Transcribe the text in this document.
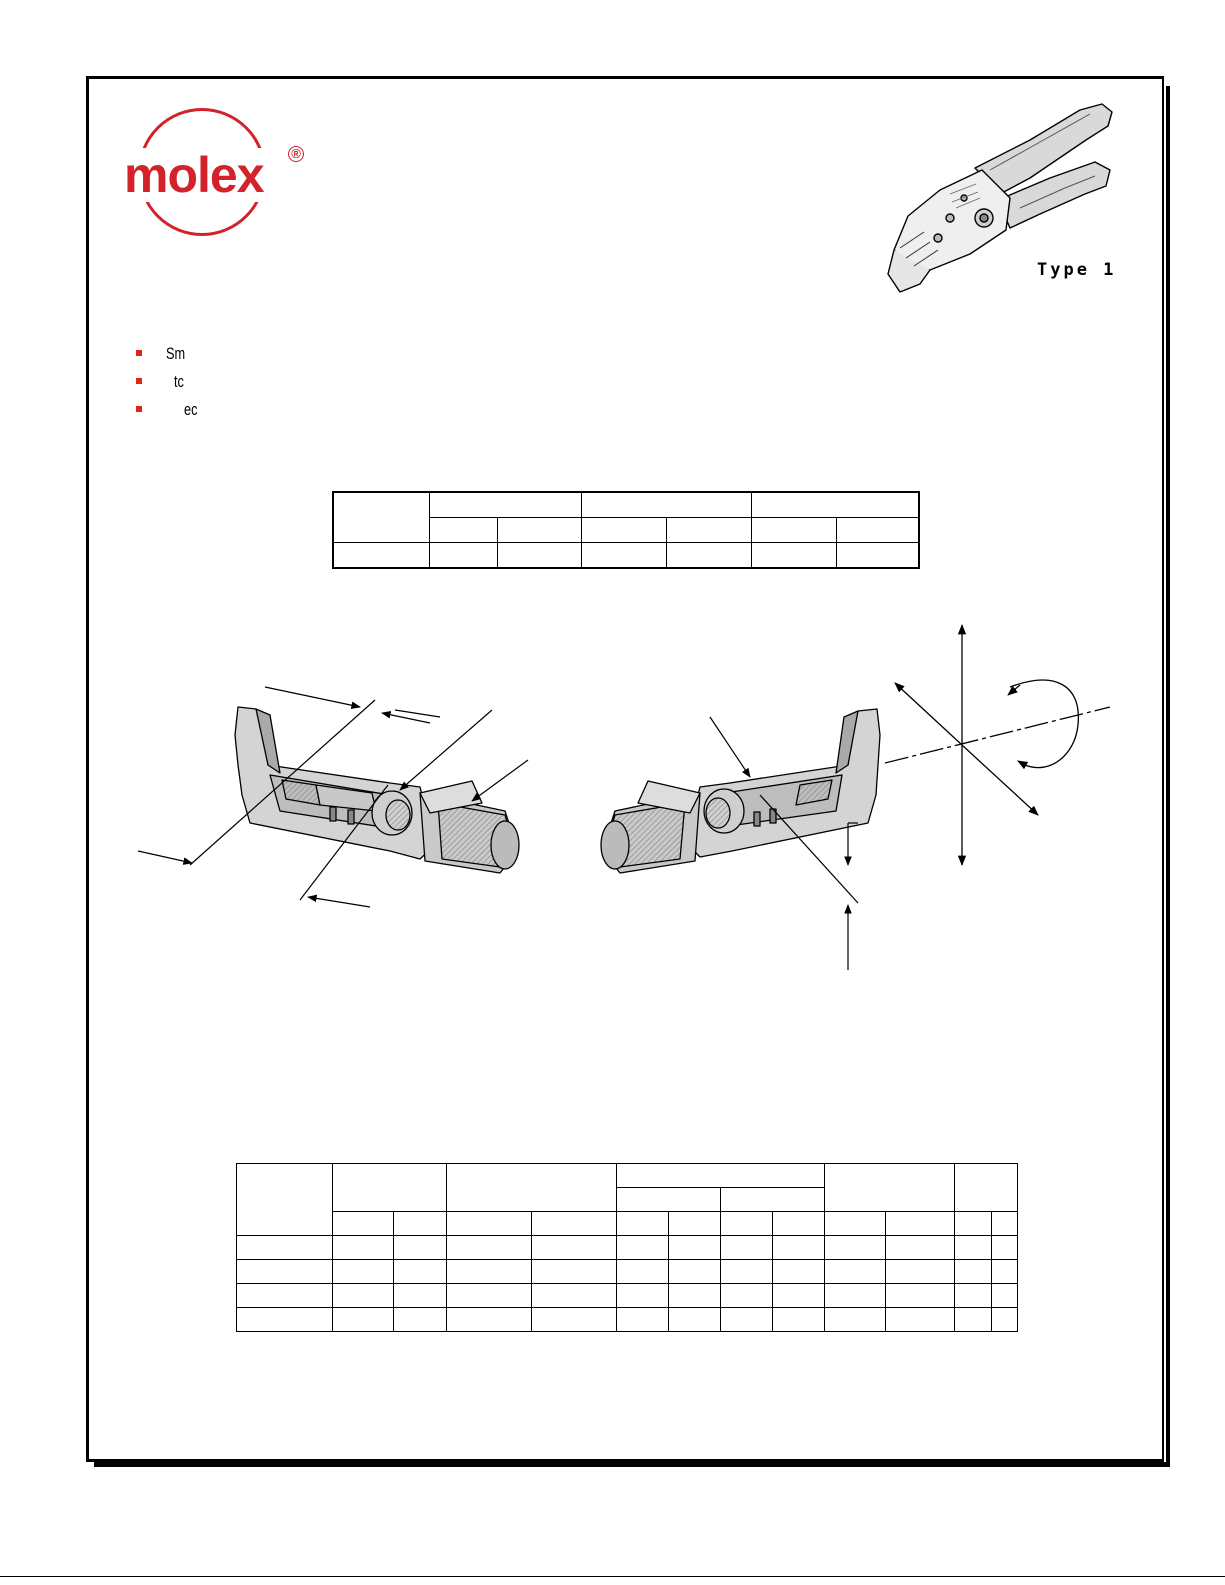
molex	®
Type 1
Sm
tc
ec
